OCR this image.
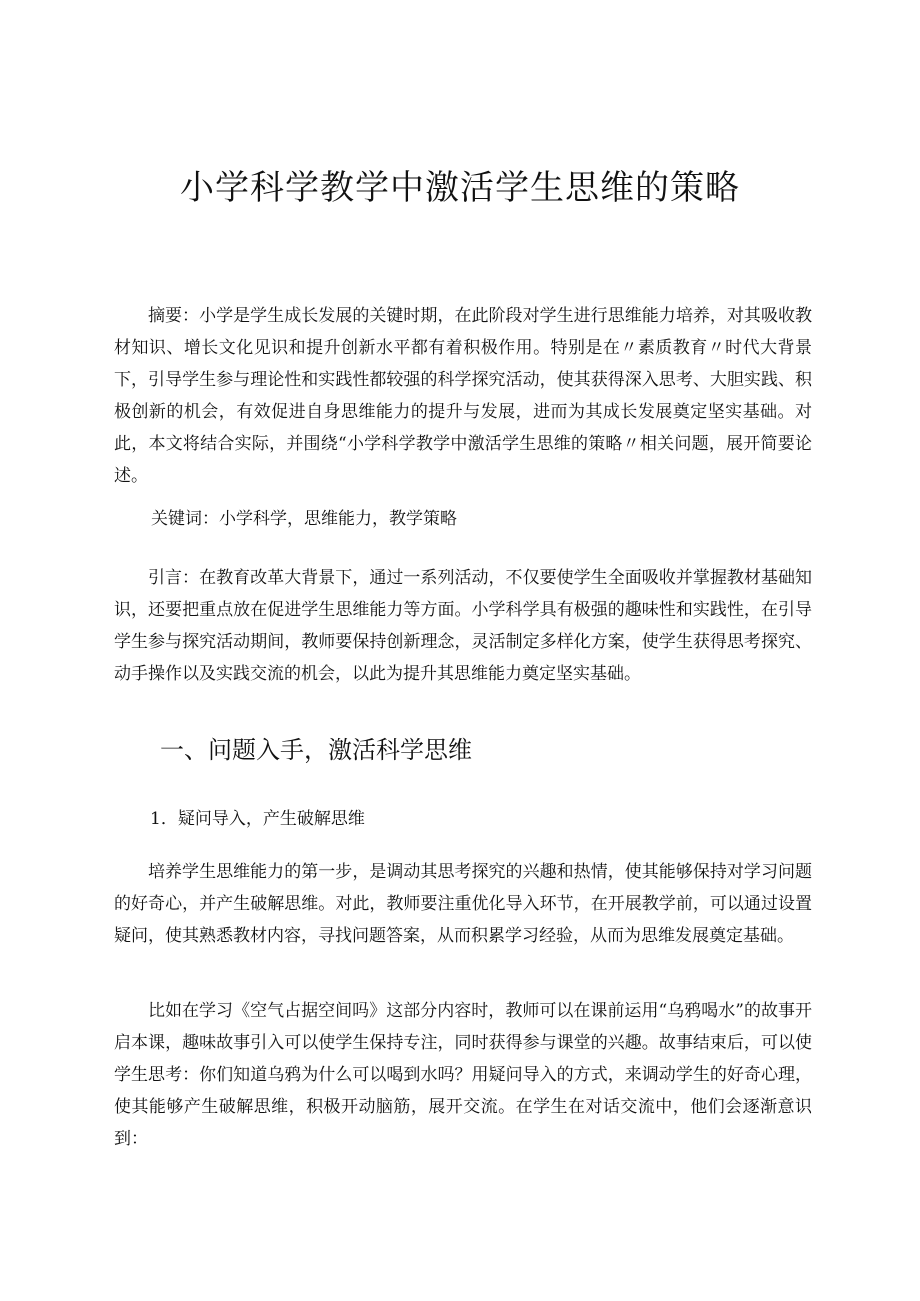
小学科学教学中激活学生思维的策略

摘要：小学是学生成长发展的关键时期，在此阶段对学生进行思维能力培养，对其吸收教材知识、增长文化见识和提升创新水平都有着积极作用。特别是在〃素质教育〃时代大背景下，引导学生参与理论性和实践性都较强的科学探究活动，使其获得深入思考、大胆实践、积极创新的机会，有效促进自身思维能力的提升与发展，进而为其成长发展奠定坚实基础。对此，本文将结合实际，并围绕“小学科学教学中激活学生思维的策略〃相关问题，展开简要论述。

关键词：小学科学，思维能力，教学策略

引言：在教育改革大背景下，通过一系列活动，不仅要使学生全面吸收并掌握教材基础知识，还要把重点放在促进学生思维能力等方面。小学科学具有极强的趣味性和实践性，在引导学生参与探究活动期间，教师要保持创新理念，灵活制定多样化方案，使学生获得思考探究、动手操作以及实践交流的机会，以此为提升其思维能力奠定坚实基础。

一、问题入手，激活科学思维

1．疑问导入，产生破解思维

培养学生思维能力的第一步，是调动其思考探究的兴趣和热情，使其能够保持对学习问题的好奇心，并产生破解思维。对此，教师要注重优化导入环节，在开展教学前，可以通过设置疑问，使其熟悉教材内容，寻找问题答案，从而积累学习经验，从而为思维发展奠定基础。

比如在学习《空气占据空间吗》这部分内容时，教师可以在课前运用“乌鸦喝水”的故事开启本课，趣味故事引入可以使学生保持专注，同时获得参与课堂的兴趣。故事结束后，可以使学生思考：你们知道乌鸦为什么可以喝到水吗？用疑问导入的方式，来调动学生的好奇心理，使其能够产生破解思维，积极开动脑筋，展开交流。在学生在对话交流中，他们会逐渐意识到：
